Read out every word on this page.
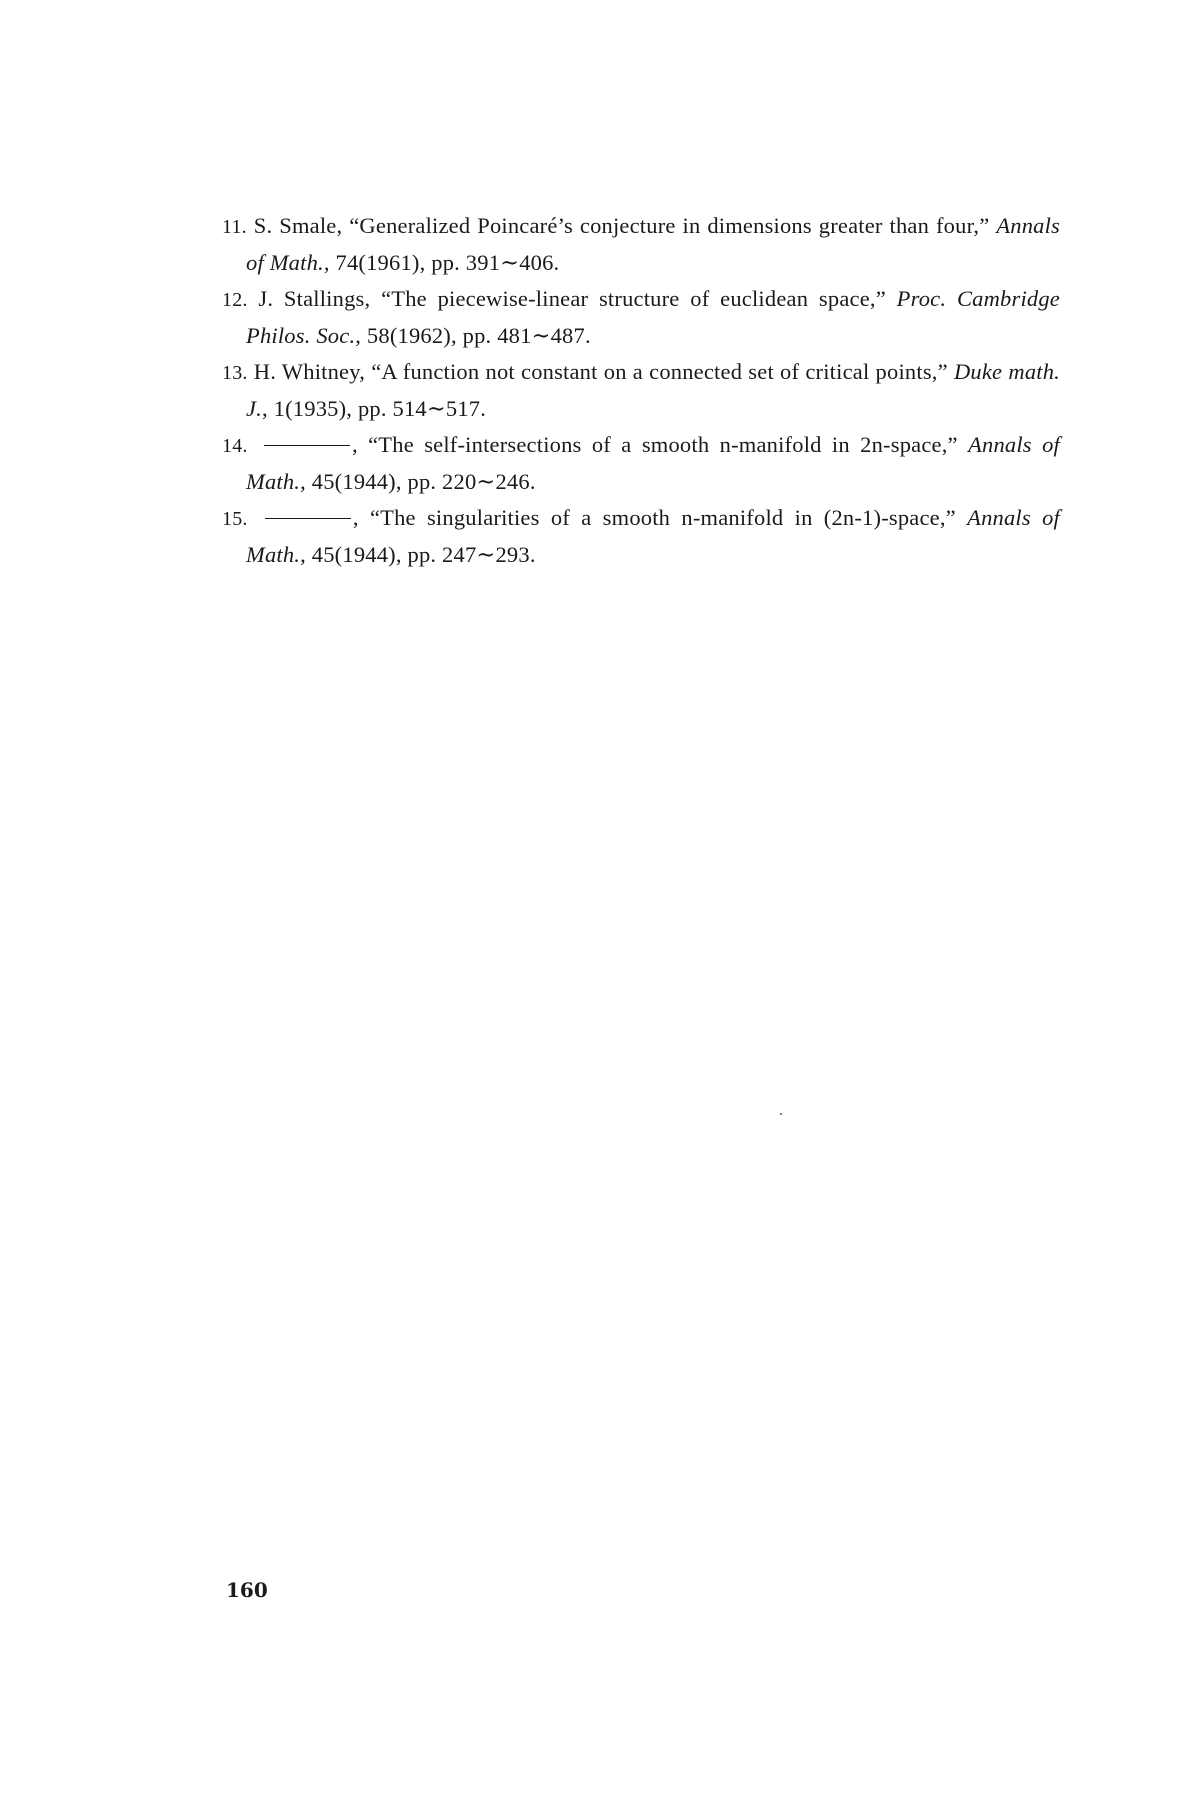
11. S. Smale, “Generalized Poincaré’s conjecture in dimensions greater than four,” Annals of Math., 74(1961), pp. 391∼406.

12. J. Stallings, “The piecewise-linear structure of euclidean space,” Proc. Cambridge Philos. Soc., 58(1962), pp. 481∼487.

13. H. Whitney, “A function not constant on a connected set of critical points,” Duke math. J., 1(1935), pp. 514∼517.

14.	, “The self-intersections of a smooth n-manifold in 2n-space,” Annals of Math., 45(1944), pp. 220∼246.

15.	, “The singularities of a smooth n-manifold in (2n-1)-space,” Annals of Math., 45(1944), pp. 247∼293.

160
